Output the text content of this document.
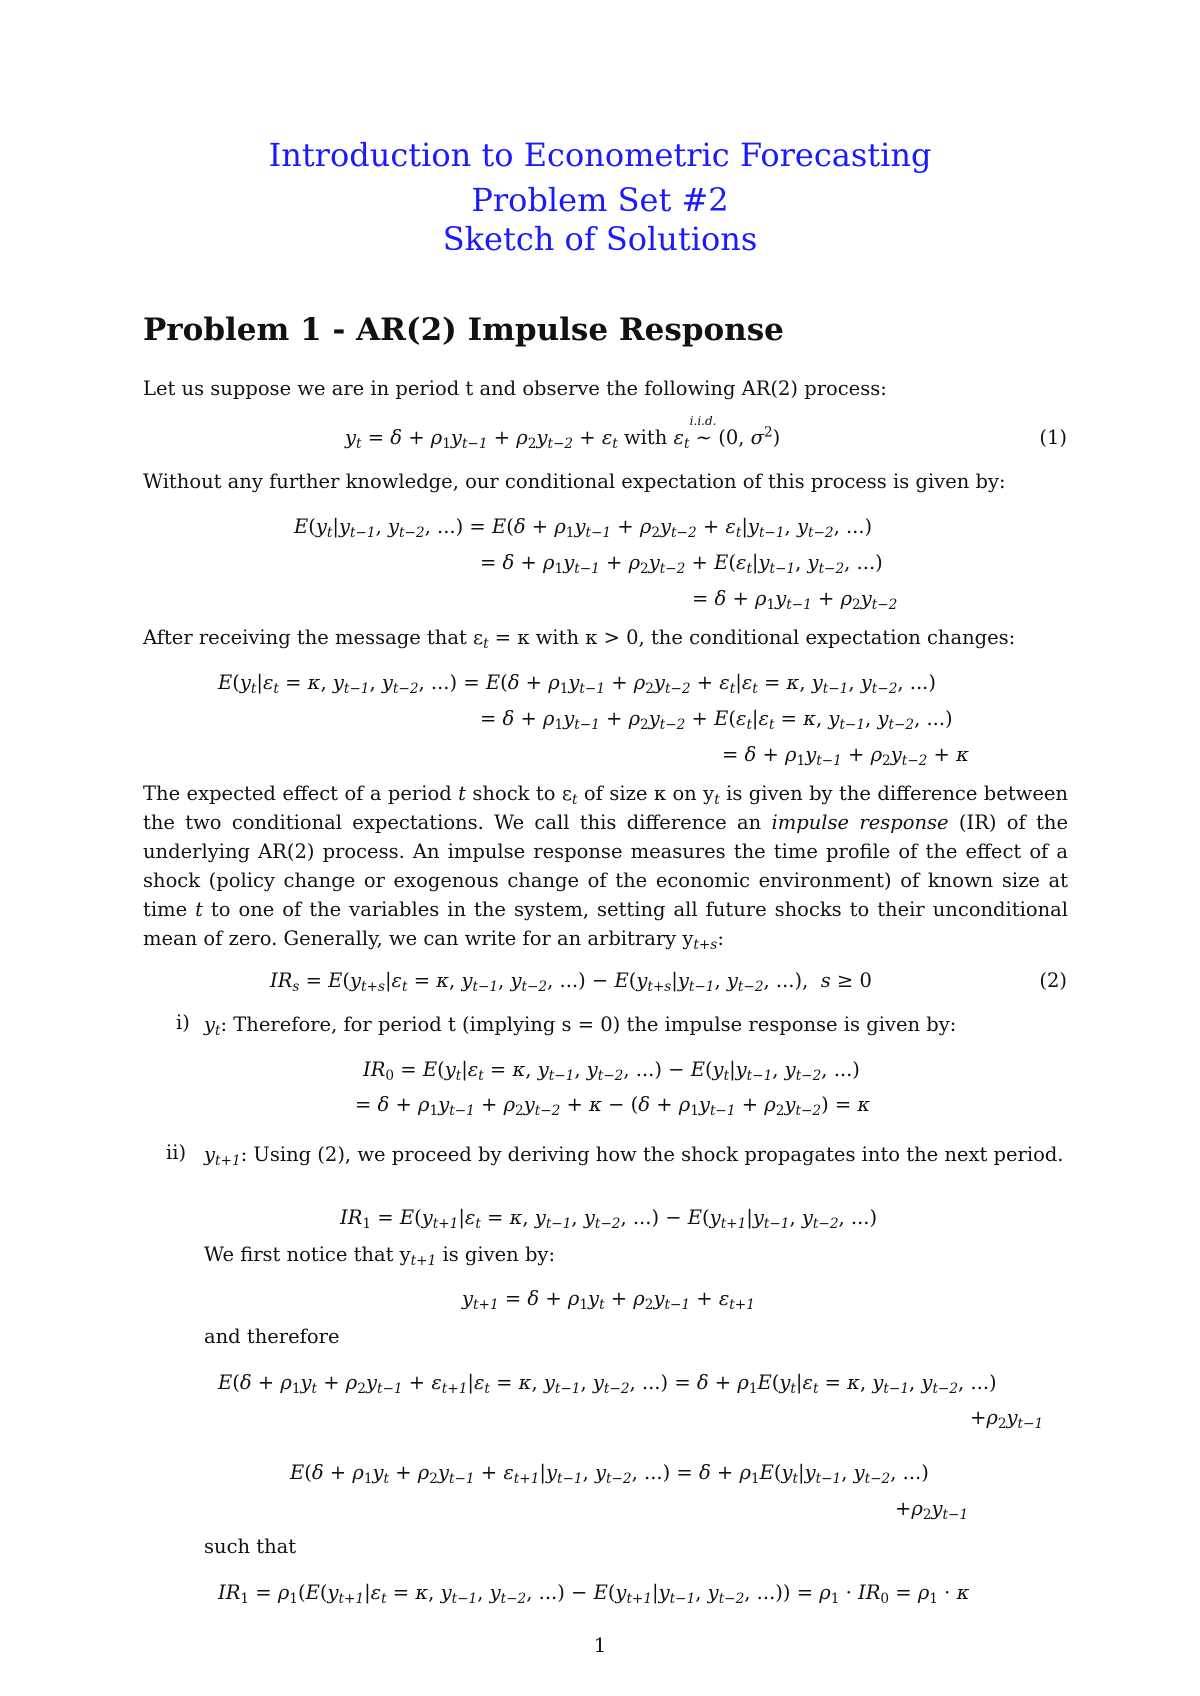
Introduction to Econometric Forecasting
Problem Set #2
Sketch of Solutions
Problem 1 - AR(2) Impulse Response
Let us suppose we are in period t and observe the following AR(2) process:
$y_t = \delta + \rho_1y_{t-1} + \rho_2y_{t-2} + \varepsilon_t$ with $\varepsilon_t$
i.i.d.
∼ (0, $\sigma^2$)	(1)
Without any further knowledge, our conditional expectation of this process is given by:
$E(y_t|y_{t-1}$, $y_{t-2}$, ...) = $E(\delta + \rho_1y_{t-1} + \rho_2y_{t-2} + \varepsilon_t|y_{t-1}$, $y_{t-2}$, ...)
= $\delta + \rho_1y_{t-1} + \rho_2y_{t-2} + E(\varepsilon_t|y_{t-1}$, $y_{t-2}$, ...)
= $\delta + \rho_1y_{t-1} + \rho_2y_{t-2}$
After receiving the message that $\varepsilon_t = \kappa$ with κ > 0, the conditional expectation changes:
$E(y_t|\varepsilon_t = \kappa$, $y_{t-1}$, $y_{t-2}$, ...) = $E(\delta + \rho_1y_{t-1} + \rho_2y_{t-2} + \varepsilon_t|\varepsilon_t = \kappa$, $y_{t-1}$, $y_{t-2}$, ...)
= $\delta + \rho_1y_{t-1} + \rho_2y_{t-2} + E(\varepsilon_t|\varepsilon_t = \kappa$, $y_{t-1}$, $y_{t-2}$, ...)
= $\delta + \rho_1y_{t-1} + \rho_2y_{t-2} + \kappa$
The expected effect of a period t shock to $\varepsilon_t$ of size κ on $y_t$ is given by the difference between the two conditional expectations. We call this difference an impulse response (IR) of the underlying AR(2) process. An impulse response measures the time profile of the effect of a shock (policy change or exogenous change of the economic environment) of known size at time t to one of the variables in the system, setting all future shocks to their unconditional mean of zero. Generally, we can write for an arbitrary $y_{t+s}$:
$IR_s = E(y_{t+s}|\varepsilon_t = \kappa$, $y_{t-1}$, $y_{t-2}$, ...) − $E(y_{t+s}|y_{t-1}$, $y_{t-2}$, ...),  s ≥ 0	(2)
i) $y_t$: Therefore, for period t (implying s = 0) the impulse response is given by:
$IR_0 = E(y_t|\varepsilon_t = \kappa$, $y_{t-1}$, $y_{t-2}$, ...) − $E(y_t|y_{t-1}$, $y_{t-2}$, ...)
= $\delta + \rho_1y_{t-1} + \rho_2y_{t-2} + \kappa - (\delta + \rho_1y_{t-1} + \rho_2y_{t-2}) = \kappa$
ii) $y_{t+1}$: Using (2), we proceed by deriving how the shock propagates into the next period.
$IR_1 = E(y_{t+1}|\varepsilon_t = \kappa$, $y_{t-1}$, $y_{t-2}$, ...) − $E(y_{t+1}|y_{t-1}$, $y_{t-2}$, ...)
We first notice that $y_{t+1}$ is given by:
$y_{t+1} = \delta + \rho_1y_t + \rho_2y_{t-1} + \varepsilon_{t+1}$
and therefore
$E(\delta + \rho_1y_t + \rho_2y_{t-1} + \varepsilon_{t+1}|\varepsilon_t = \kappa$, $y_{t-1}$, $y_{t-2}$, ...) = $\delta + \rho_1E(y_t|\varepsilon_t = \kappa$, $y_{t-1}$, $y_{t-2}$, ...)
$+\rho_2y_{t-1}$
$E(\delta + \rho_1y_t + \rho_2y_{t-1} + \varepsilon_{t+1}|y_{t-1}$, $y_{t-2}$, ...) = $\delta + \rho_1E(y_t|y_{t-1}$, $y_{t-2}$, ...)
$+\rho_2y_{t-1}$
such that
$IR_1 = \rho_1(E(y_{t+1}|\varepsilon_t = \kappa$, $y_{t-1}$, $y_{t-2}$, ...) − $E(y_{t+1}|y_{t-1}$, $y_{t-2}$, ...)) = $\rho_1 \cdot IR_0 = \rho_1 \cdot \kappa$
1
